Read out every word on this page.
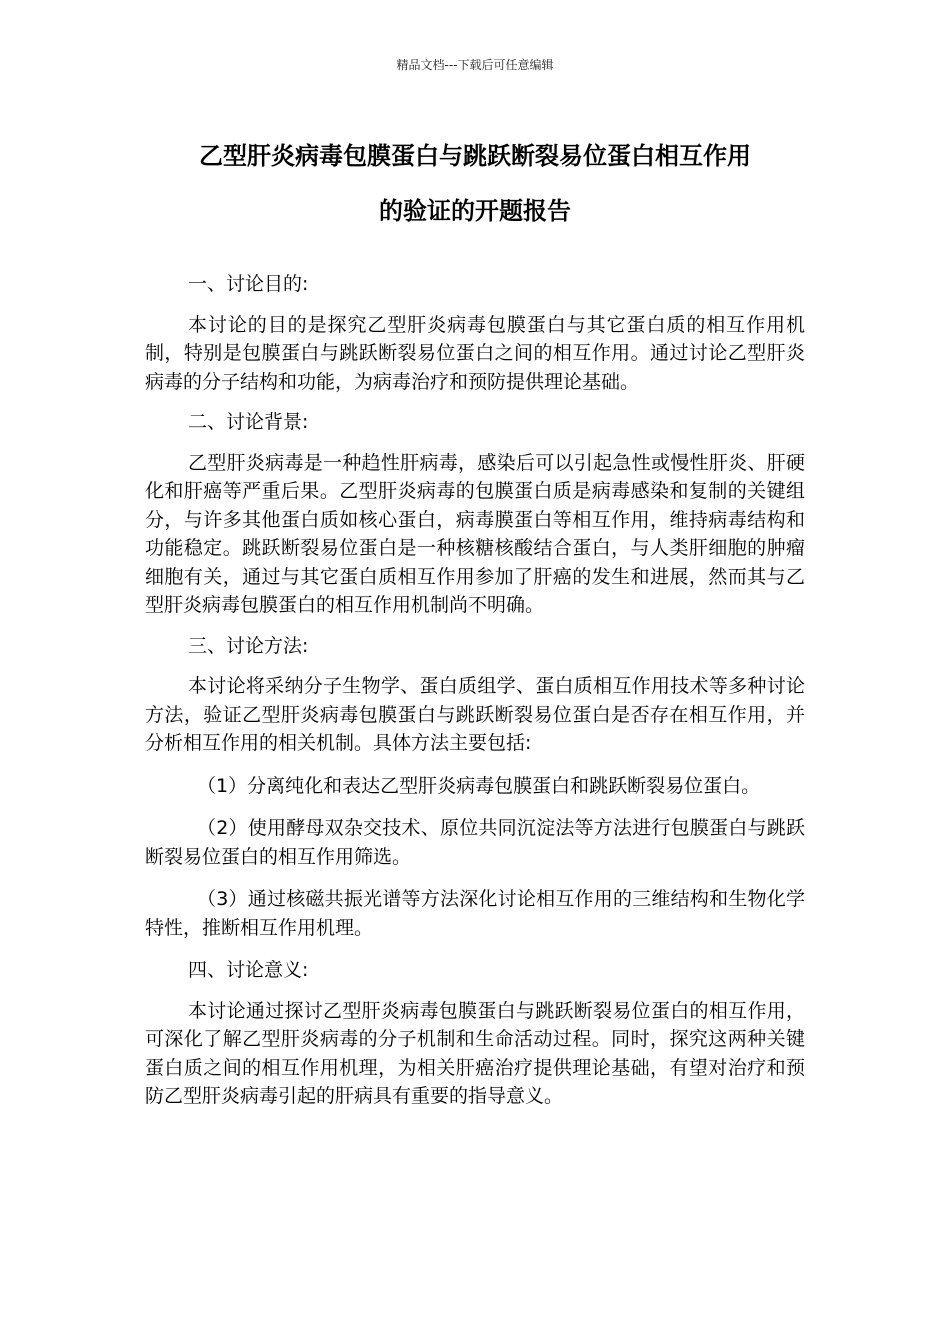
精品文档---下载后可任意编辑
乙型肝炎病毒包膜蛋白与跳跃断裂易位蛋白相互作用
的验证的开题报告

一、讨论目的:

本讨论的目的是探究乙型肝炎病毒包膜蛋白与其它蛋白质的相互作用机制，特别是包膜蛋白与跳跃断裂易位蛋白之间的相互作用。通过讨论乙型肝炎病毒的分子结构和功能，为病毒治疗和预防提供理论基础。

二、讨论背景:

乙型肝炎病毒是一种趋性肝病毒，感染后可以引起急性或慢性肝炎、肝硬化和肝癌等严重后果。乙型肝炎病毒的包膜蛋白质是病毒感染和复制的关键组分，与许多其他蛋白质如核心蛋白，病毒膜蛋白等相互作用，维持病毒结构和功能稳定。跳跃断裂易位蛋白是一种核糖核酸结合蛋白，与人类肝细胞的肿瘤细胞有关，通过与其它蛋白质相互作用参加了肝癌的发生和进展，然而其与乙型肝炎病毒包膜蛋白的相互作用机制尚不明确。

三、讨论方法:

本讨论将采纳分子生物学、蛋白质组学、蛋白质相互作用技术等多种讨论方法，验证乙型肝炎病毒包膜蛋白与跳跃断裂易位蛋白是否存在相互作用，并分析相互作用的相关机制。具体方法主要包括:

（1）分离纯化和表达乙型肝炎病毒包膜蛋白和跳跃断裂易位蛋白。

（2）使用酵母双杂交技术、原位共同沉淀法等方法进行包膜蛋白与跳跃断裂易位蛋白的相互作用筛选。

（3）通过核磁共振光谱等方法深化讨论相互作用的三维结构和生物化学特性，推断相互作用机理。

四、讨论意义:

本讨论通过探讨乙型肝炎病毒包膜蛋白与跳跃断裂易位蛋白的相互作用，可深化了解乙型肝炎病毒的分子机制和生命活动过程。同时，探究这两种关键蛋白质之间的相互作用机理，为相关肝癌治疗提供理论基础，有望对治疗和预防乙型肝炎病毒引起的肝病具有重要的指导意义。
